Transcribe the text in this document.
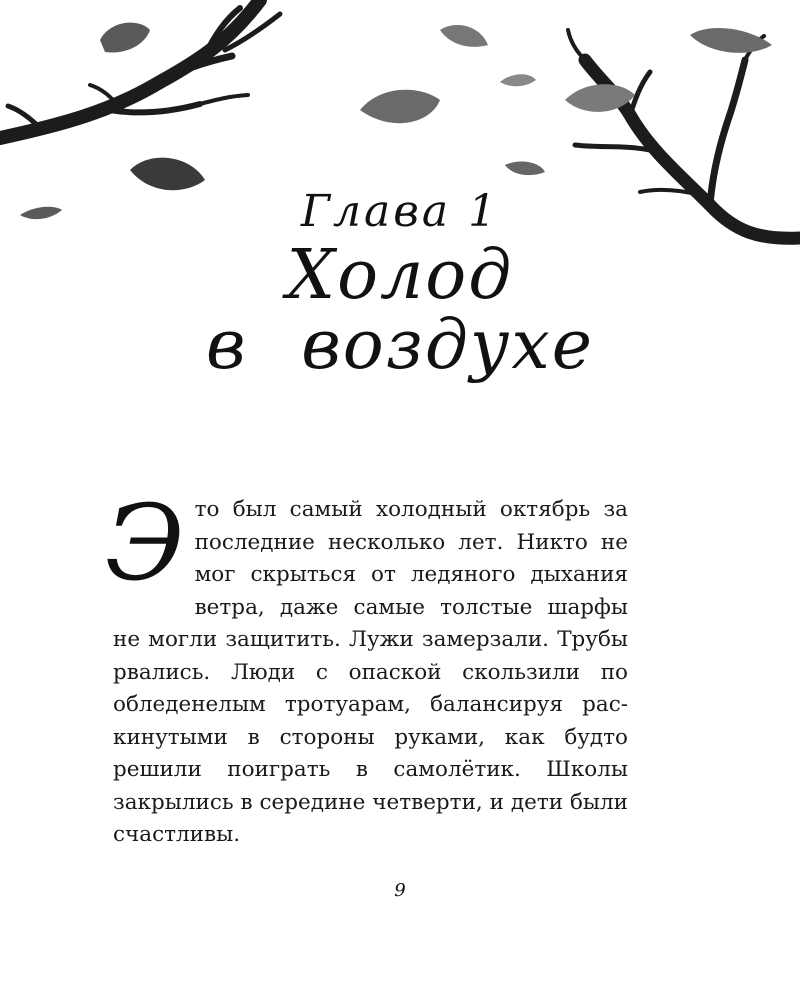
Глава 1
Холод
в воздухе

Это был самый холодный октябрь за последние несколько лет. Никто не мог скрыться от ледяного дыхания ветра, даже самые толстые шарфы не могли защитить. Лужи замерзали. Трубы рвались. Люди с опаской скользили по обледенелым тротуарам, балансируя раскинутыми в стороны руками, как будто решили поиграть в самолётик. Школы закрылись в середине четверти, и дети были счастливы.

9
